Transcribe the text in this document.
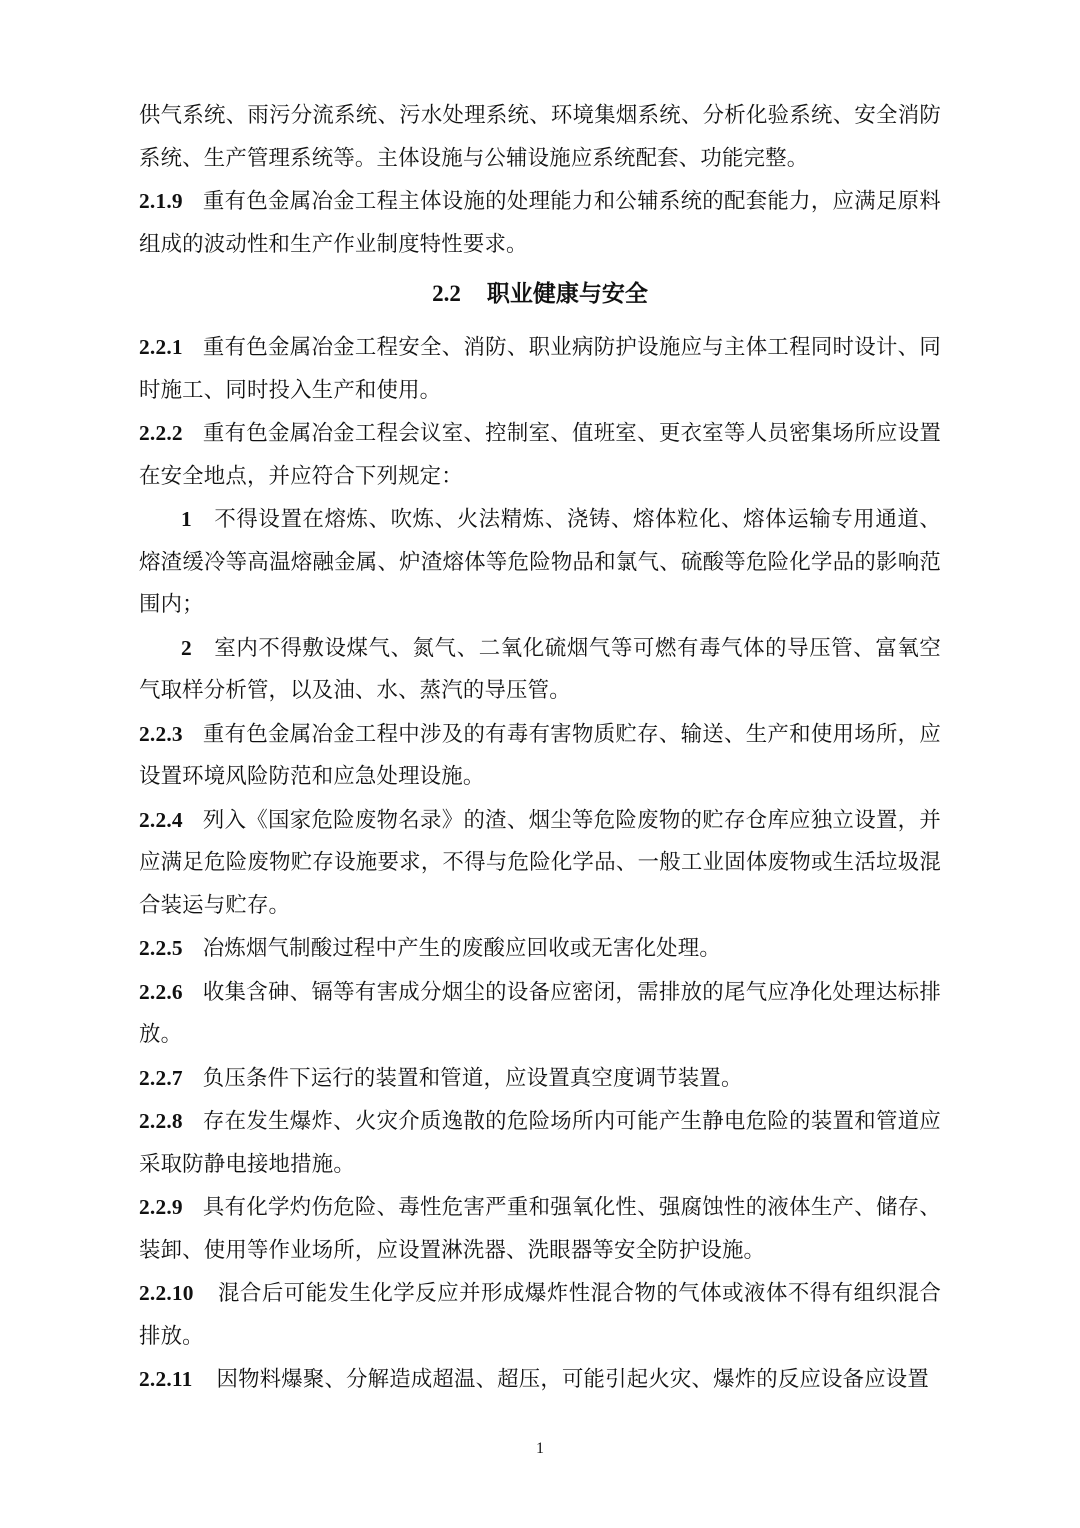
供气系统、雨污分流系统、污水处理系统、环境集烟系统、分析化验系统、安全消防系统、生产管理系统等。主体设施与公辅设施应系统配套、功能完整。

2.1.9 重有色金属冶金工程主体设施的处理能力和公辅系统的配套能力，应满足原料组成的波动性和生产作业制度特性要求。

2.2 职业健康与安全

2.2.1 重有色金属冶金工程安全、消防、职业病防护设施应与主体工程同时设计、同时施工、同时投入生产和使用。

2.2.2 重有色金属冶金工程会议室、控制室、值班室、更衣室等人员密集场所应设置在安全地点，并应符合下列规定：

1 不得设置在熔炼、吹炼、火法精炼、浇铸、熔体粒化、熔体运输专用通道、熔渣缓冷等高温熔融金属、炉渣熔体等危险物品和氯气、硫酸等危险化学品的影响范围内；

2 室内不得敷设煤气、氮气、二氧化硫烟气等可燃有毒气体的导压管、富氧空气取样分析管，以及油、水、蒸汽的导压管。

2.2.3 重有色金属冶金工程中涉及的有毒有害物质贮存、输送、生产和使用场所，应设置环境风险防范和应急处理设施。

2.2.4 列入《国家危险废物名录》的渣、烟尘等危险废物的贮存仓库应独立设置，并应满足危险废物贮存设施要求，不得与危险化学品、一般工业固体废物或生活垃圾混合装运与贮存。

2.2.5 冶炼烟气制酸过程中产生的废酸应回收或无害化处理。

2.2.6 收集含砷、镉等有害成分烟尘的设备应密闭，需排放的尾气应净化处理达标排放。

2.2.7 负压条件下运行的装置和管道，应设置真空度调节装置。

2.2.8 存在发生爆炸、火灾介质逸散的危险场所内可能产生静电危险的装置和管道应采取防静电接地措施。

2.2.9 具有化学灼伤危险、毒性危害严重和强氧化性、强腐蚀性的液体生产、储存、装卸、使用等作业场所，应设置淋洗器、洗眼器等安全防护设施。

2.2.10 混合后可能发生化学反应并形成爆炸性混合物的气体或液体不得有组织混合排放。

2.2.11 因物料爆聚、分解造成超温、超压，可能引起火灾、爆炸的反应设备应设置

1
